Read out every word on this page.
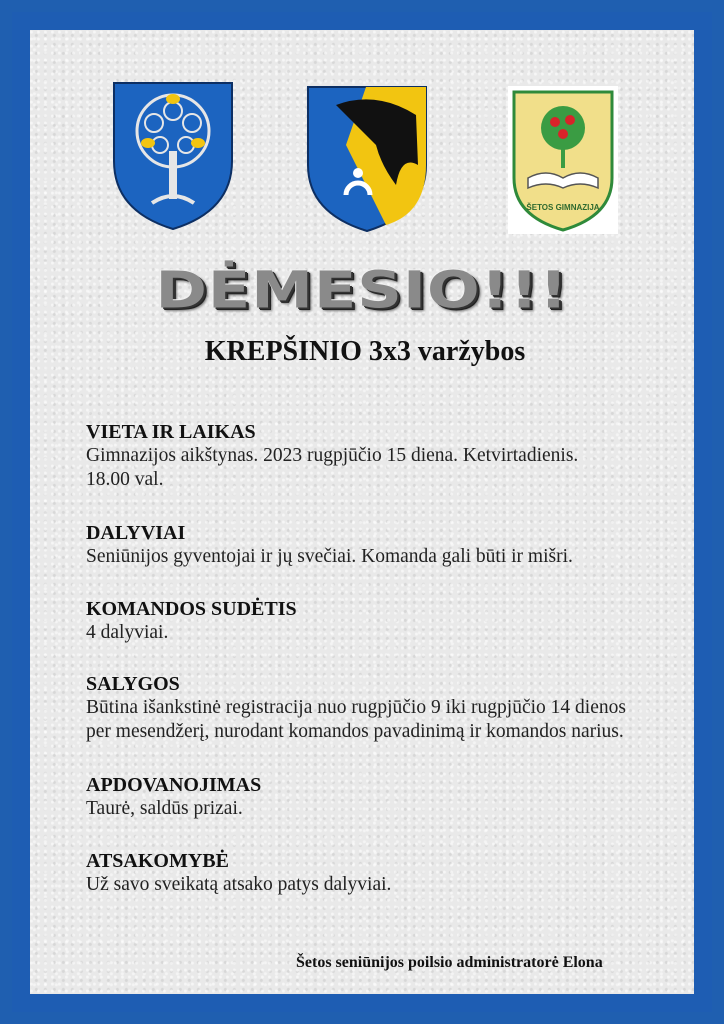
ŠETOS GIMNAZIJA
DĖMESIO!!!
KREPŠINIO 3x3 varžybos
VIETA IR LAIKAS
Gimnazijos aikštynas. 2023 rugpjūčio 15 diena. Ketvirtadienis.
18.00 val.
DALYVIAI
Seniūnijos gyventojai ir jų svečiai. Komanda gali būti ir mišri.
KOMANDOS SUDĖTIS
4 dalyviai.
SALYGOS
Būtina išankstinė registracija nuo rugpjūčio 9 iki rugpjūčio 14 dienos
per mesendžerį, nurodant komandos pavadinimą ir komandos narius.
APDOVANOJIMAS
Taurė, saldūs prizai.
ATSAKOMYBĖ
Už savo sveikatą atsako patys dalyviai.
Šetos seniūnijos poilsio administratorė Elona
